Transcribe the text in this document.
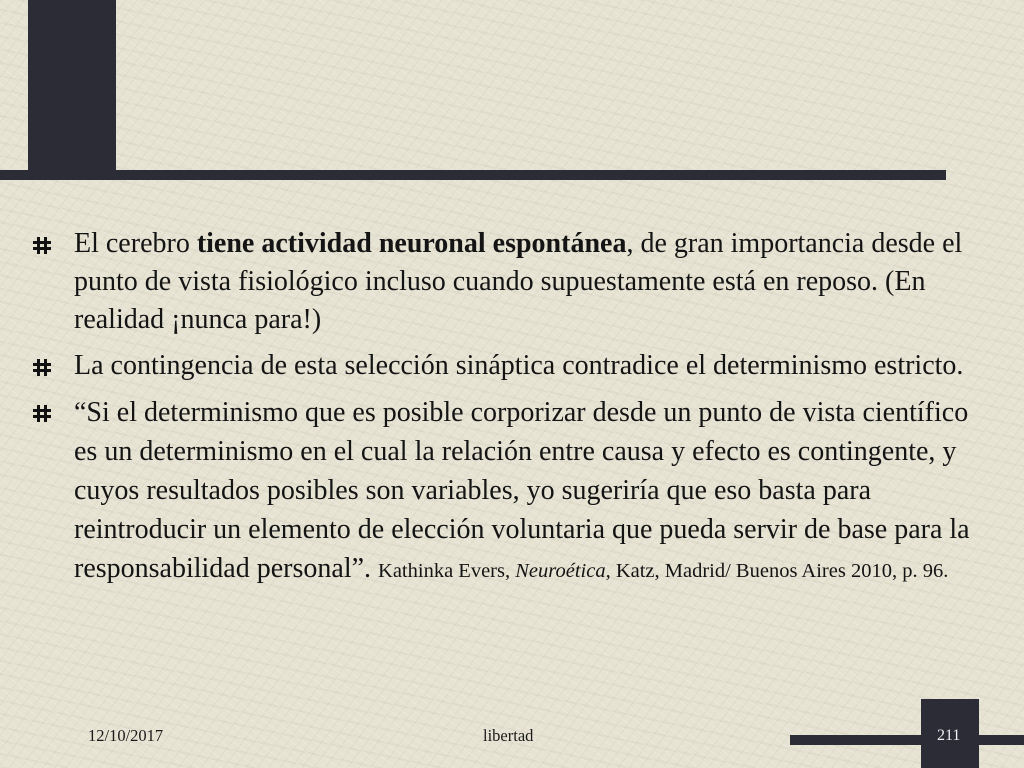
El cerebro tiene actividad neuronal espontánea, de gran importancia desde el punto de vista fisiológico incluso cuando supuestamente está en reposo. (En realidad ¡nunca para!)

La contingencia de esta selección sináptica contradice el determinismo estricto.

“Si el determinismo que es posible corporizar desde un punto de vista científico es un determinismo en el cual la relación entre causa y efecto es contingente, y cuyos resultados posibles son variables, yo sugeriría que eso basta para reintroducir un elemento de elección voluntaria que pueda servir de base para la responsabilidad personal”. Kathinka Evers, Neuroética, Katz, Madrid/ Buenos Aires 2010, p. 96.

12/10/2017	libertad	211
